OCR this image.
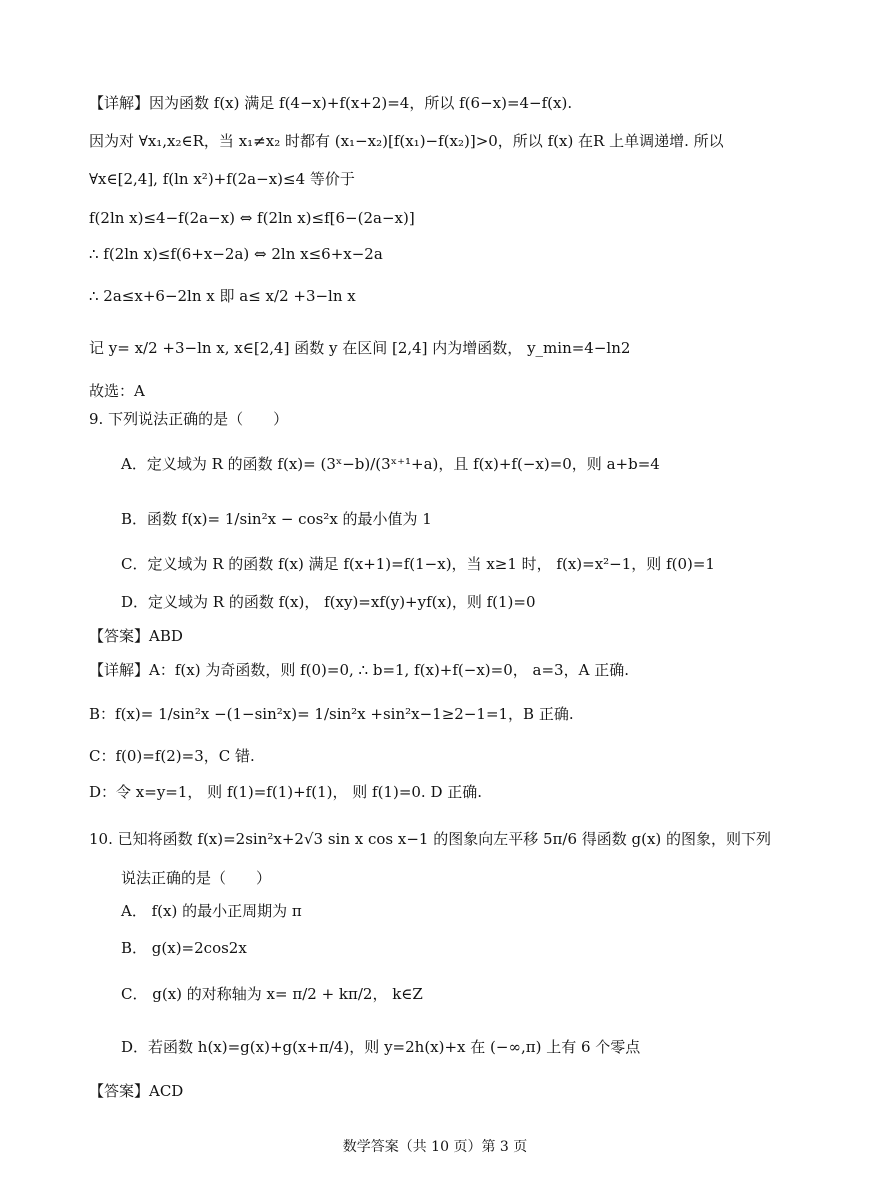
【详解】因为函数 f(x) 满足 f(4−x)+f(x+2)=4，所以 f(6−x)=4−f(x).
因为对 ∀x₁,x₂∈R，当 x₁≠x₂ 时都有 (x₁−x₂)[f(x₁)−f(x₂)]>0，所以 f(x) 在R 上单调递增. 所以
∀x∈[2,4], f(ln x²)+f(2a−x)≤4 等价于
f(2ln x)≤4−f(2a−x) ⇔ f(2ln x)≤f[6−(2a−x)]
∴ f(2ln x)≤f(6+x−2a) ⇔ 2ln x≤6+x−2a
∴ 2a≤x+6−2ln x 即 a≤ x/2 +3−ln x
记 y= x/2 +3−ln x, x∈[2,4] 函数 y 在区间 [2,4] 内为增函数， y_min=4−ln2
故选：A
9. 下列说法正确的是（　　）
A．定义域为 R 的函数 f(x)= (3ˣ−b)/(3ˣ⁺¹+a)，且 f(x)+f(−x)=0，则 a+b=4
B．函数 f(x)= 1/sin²x − cos²x 的最小值为 1
C．定义域为 R 的函数 f(x) 满足 f(x+1)=f(1−x)，当 x≥1 时， f(x)=x²−1，则 f(0)=1
D．定义域为 R 的函数 f(x)， f(xy)=xf(y)+yf(x)，则 f(1)=0
【答案】ABD
【详解】A：f(x) 为奇函数，则 f(0)=0, ∴ b=1, f(x)+f(−x)=0， a=3，A 正确.
B：f(x)= 1/sin²x −(1−sin²x)= 1/sin²x +sin²x−1≥2−1=1，B 正确.
C：f(0)=f(2)=3，C 错.
D：令 x=y=1， 则 f(1)=f(1)+f(1)， 则 f(1)=0. D 正确.
10. 已知将函数 f(x)=2sin²x+2√3 sin x cos x−1 的图象向左平移 5π/6 得函数 g(x) 的图象，则下列
说法正确的是（　　）
A． f(x) 的最小正周期为 π
B． g(x)=2cos2x
C． g(x) 的对称轴为 x= π/2 + kπ/2， k∈Z
D．若函数 h(x)=g(x)+g(x+π/4)，则 y=2h(x)+x 在 (−∞,π) 上有 6 个零点
【答案】ACD
数学答案（共 10 页）第 3 页
